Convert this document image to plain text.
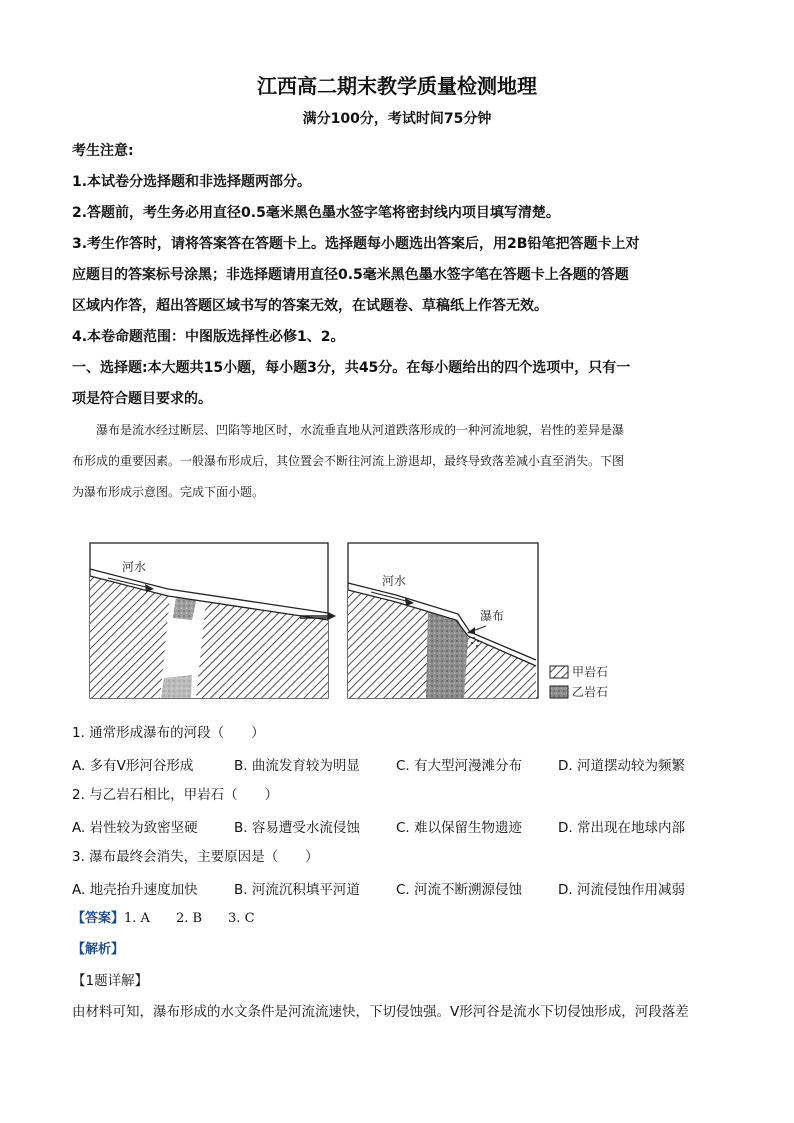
江西高二期末教学质量检测地理
满分100分，考试时间75分钟
考生注意:
1.本试卷分选择题和非选择题两部分。
2.答题前，考生务必用直径0.5毫米黑色墨水签字笔将密封线内项目填写清楚。
3.考生作答时，请将答案答在答题卡上。选择题每小题选出答案后，用2B铅笔把答题卡上对
应题目的答案标号涂黑；非选择题请用直径0.5毫米黑色墨水签字笔在答题卡上各题的答题
区域内作答，超出答题区域书写的答案无效，在试题卷、草稿纸上作答无效。
4.本卷命题范围：中图版选择性必修1、2。
一、选择题:本大题共15小题，每小题3分，共45分。在每小题给出的四个选项中，只有一
项是符合题目要求的。
　　瀑布是流水经过断层、凹陷等地区时，水流垂直地从河道跌落形成的一种河流地貌，岩性的差异是瀑
布形成的重要因素。一般瀑布形成后，其位置会不断往河流上游退却，最终导致落差减小直至消失。下图
为瀑布形成示意图。完成下面小题。
河水
河水
瀑布
甲岩石
乙岩石
1. 通常形成瀑布的河段（　　）
A. 多有V形河谷形成	B. 曲流发育较为明显	C. 有大型河漫滩分布	D. 河道摆动较为频繁
2. 与乙岩石相比，甲岩石（　　）
A. 岩性较为致密坚硬	B. 容易遭受水流侵蚀	C. 难以保留生物遗迹	D. 常出现在地球内部
3. 瀑布最终会消失，主要原因是（　　）
A. 地壳抬升速度加快	B. 河流沉积填平河道	C. 河流不断溯源侵蚀	D. 河流侵蚀作用减弱
【答案】1. A　　2. B　　3. C
【解析】
【1题详解】
由材料可知，瀑布形成的水文条件是河流流速快，下切侵蚀强。V形河谷是流水下切侵蚀形成，河段落差
